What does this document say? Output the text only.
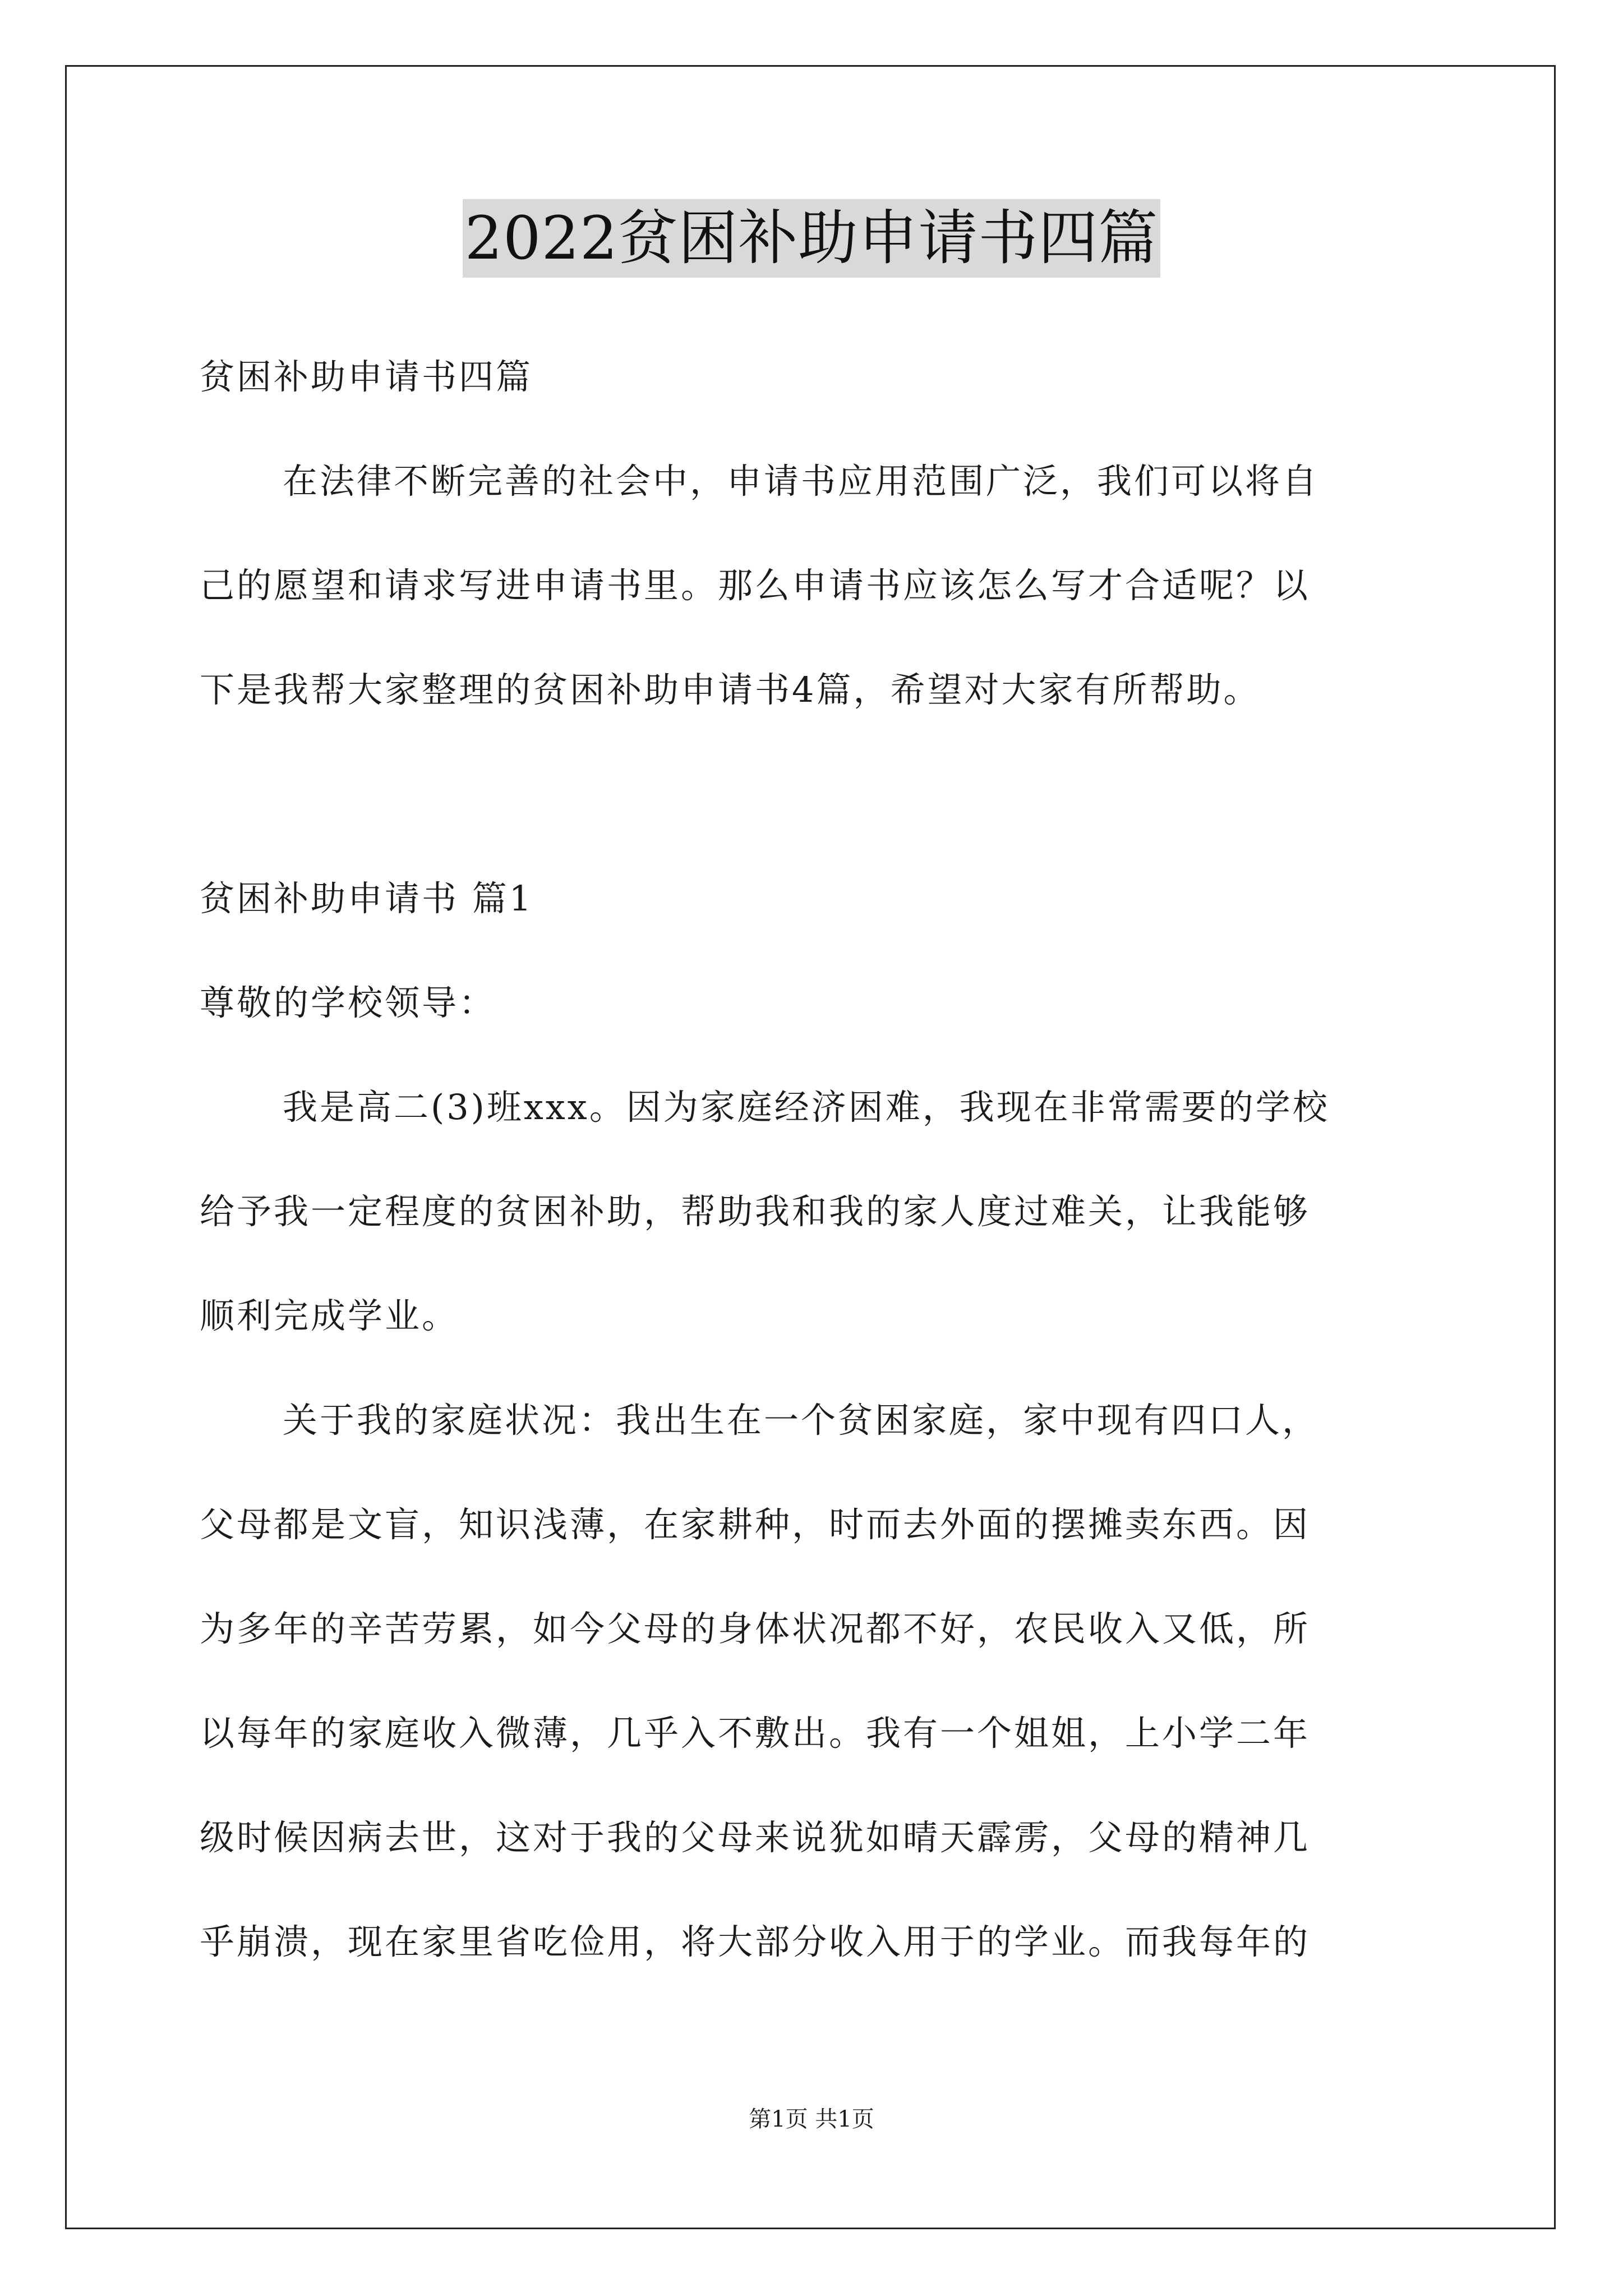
2022贫困补助申请书四篇
贫困补助申请书四篇
在法律不断完善的社会中，申请书应用范围广泛，我们可以将自
己的愿望和请求写进申请书里。那么申请书应该怎么写才合适呢？以
下是我帮大家整理的贫困补助申请书4篇，希望对大家有所帮助。
贫困补助申请书 篇1
尊敬的学校领导：
我是高二(3)班xxx。因为家庭经济困难，我现在非常需要的学校
给予我一定程度的贫困补助，帮助我和我的家人度过难关，让我能够
顺利完成学业。
关于我的家庭状况：我出生在一个贫困家庭，家中现有四口人，
父母都是文盲，知识浅薄，在家耕种，时而去外面的摆摊卖东西。因
为多年的辛苦劳累，如今父母的身体状况都不好，农民收入又低，所
以每年的家庭收入微薄，几乎入不敷出。我有一个姐姐，上小学二年
级时候因病去世，这对于我的父母来说犹如晴天霹雳，父母的精神几
乎崩溃，现在家里省吃俭用，将大部分收入用于的学业。而我每年的
第1页 共1页
